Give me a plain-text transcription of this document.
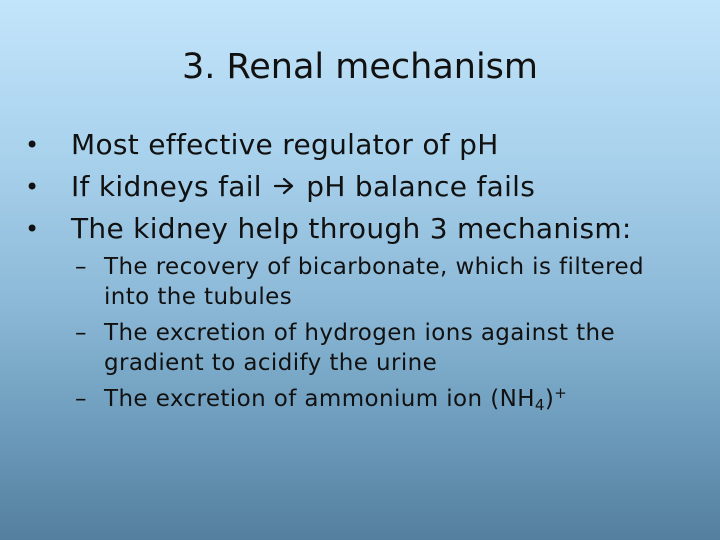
3. Renal mechanism
• Most effective regulator of pH
• If kidneys fail pH balance fails
• The kidney help through 3 mechanism:
– The recovery of bicarbonate, which is filtered into the tubules
– The excretion of hydrogen ions against the gradient to acidify the urine
– The excretion of ammonium ion $(NH_4)^+$
